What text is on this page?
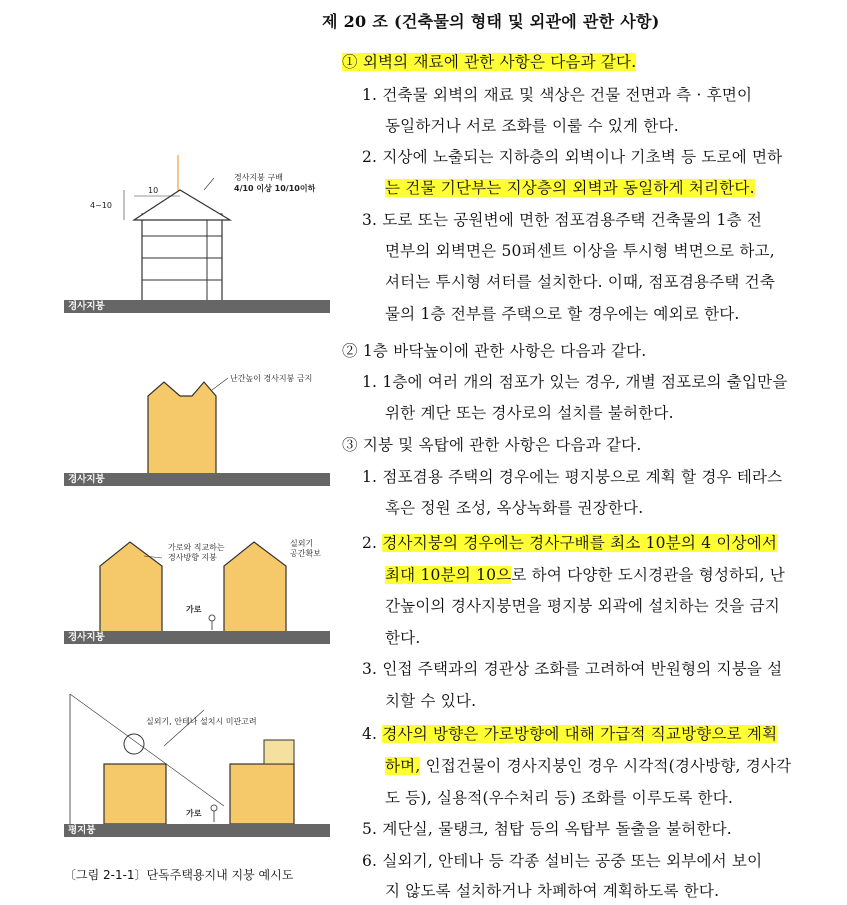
10
4~10
경사지붕 구배
4/10 이상 10/10이하
경사지붕
난간높이 경사지붕 금지
경사지붕
가로와 직교하는
경사방향 지붕
실외기
공간확보
가로
경사지붕
실외기, 안테나 설치시 미관고려
가로
평지붕
〔그림 2-1-1〕단독주택용지내 지붕 예시도
제 20 조 (건축물의 형태 및 외관에 관한 사항)
① 외벽의 재료에 관한 사항은 다음과 같다.
1. 건축물 외벽의 재료 및 색상은 건물 전면과 측 · 후면이
동일하거나 서로 조화를 이룰 수 있게 한다.
2. 지상에 노출되는 지하층의 외벽이나 기초벽 등 도로에 면하
는 건물 기단부는 지상층의 외벽과 동일하게 처리한다.
3. 도로 또는 공원변에 면한 점포겸용주택 건축물의 1층 전
면부의 외벽면은 50퍼센트 이상을 투시형 벽면으로 하고,
셔터는 투시형 셔터를 설치한다. 이때, 점포겸용주택 건축
물의 1층 전부를 주택으로 할 경우에는 예외로 한다.
② 1층 바닥높이에 관한 사항은 다음과 같다.
1. 1층에 여러 개의 점포가 있는 경우, 개별 점포로의 출입만을
위한 계단 또는 경사로의 설치를 불허한다.
③ 지붕 및 옥탑에 관한 사항은 다음과 같다.
1. 점포겸용 주택의 경우에는 평지붕으로 계획 할 경우 테라스
혹은 정원 조성, 옥상녹화를 권장한다.
2. 경사지붕의 경우에는 경사구배를 최소 10분의 4 이상에서
최대 10분의 10으로 하여 다양한 도시경관을 형성하되, 난
간높이의 경사지붕면을 평지붕 외곽에 설치하는 것을 금지
한다.
3. 인접 주택과의 경관상 조화를 고려하여 반원형의 지붕을 설
치할 수 있다.
4. 경사의 방향은 가로방향에 대해 가급적 직교방향으로 계획
하며, 인접건물이 경사지붕인 경우 시각적(경사방향, 경사각
도 등), 실용적(우수처리 등) 조화를 이루도록 한다.
5. 계단실, 물탱크, 첨탑 등의 옥탑부 돌출을 불허한다.
6. 실외기, 안테나 등 각종 설비는 공중 또는 외부에서 보이
지 않도록 설치하거나 차폐하여 계획하도록 한다.
